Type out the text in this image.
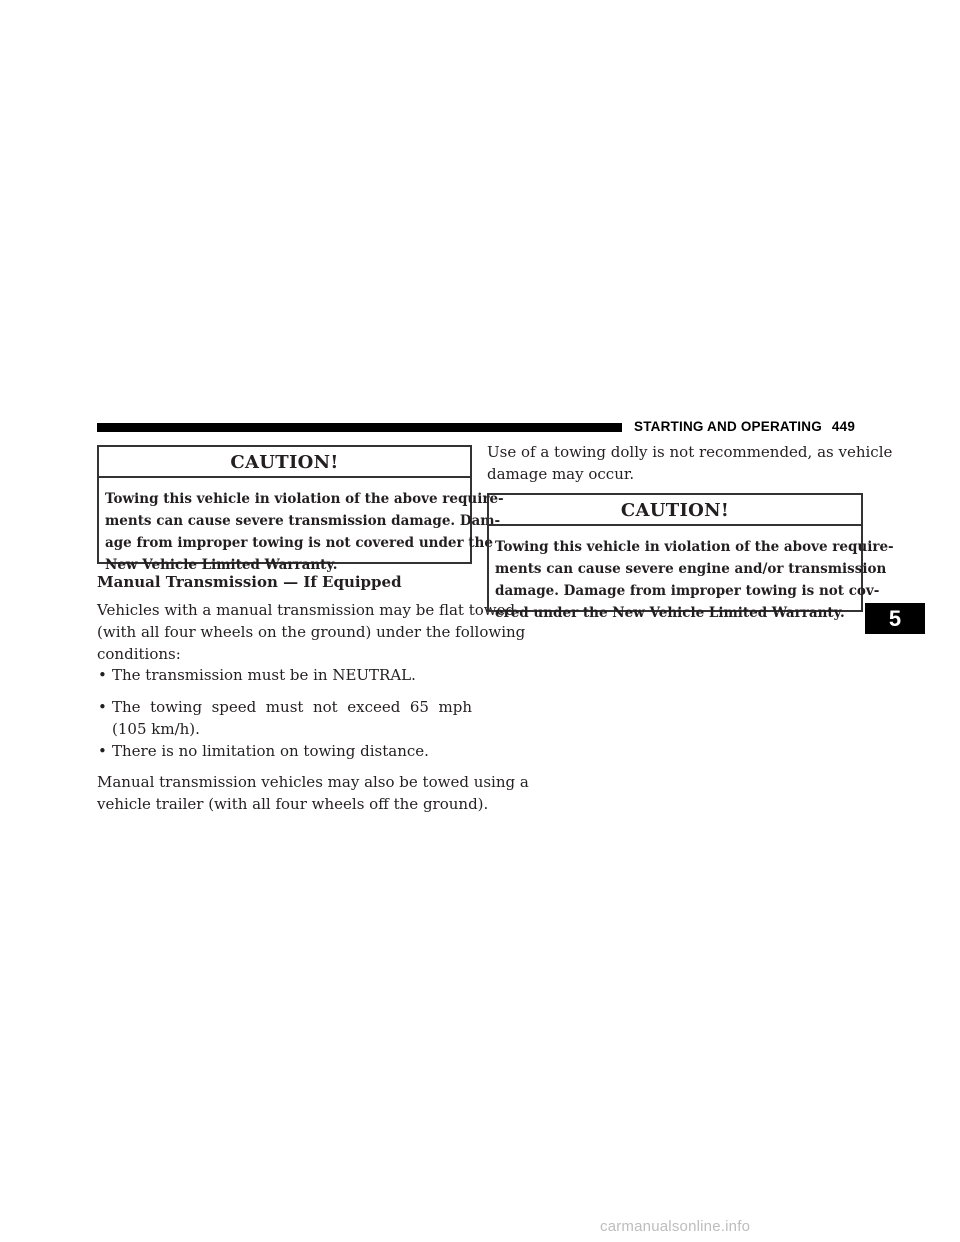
STARTING AND OPERATING 449
CAUTION!
Towing this vehicle in violation of the above require-
ments can cause severe transmission damage. Dam-
age from improper towing is not covered under the
New Vehicle Limited Warranty.
Manual Transmission — If Equipped
Vehicles with a manual transmission may be flat towed
(with all four wheels on the ground) under the following
conditions:
• The transmission must be in NEUTRAL.
• The towing speed must not exceed 65 mph
(105 km/h).
• There is no limitation on towing distance.
Manual transmission vehicles may also be towed using a
vehicle trailer (with all four wheels off the ground).
Use of a towing dolly is not recommended, as vehicle
damage may occur.
CAUTION!
Towing this vehicle in violation of the above require-
ments can cause severe engine and/or transmission
damage. Damage from improper towing is not cov-
ered under the New Vehicle Limited Warranty.	5
carmanualsonline.info
